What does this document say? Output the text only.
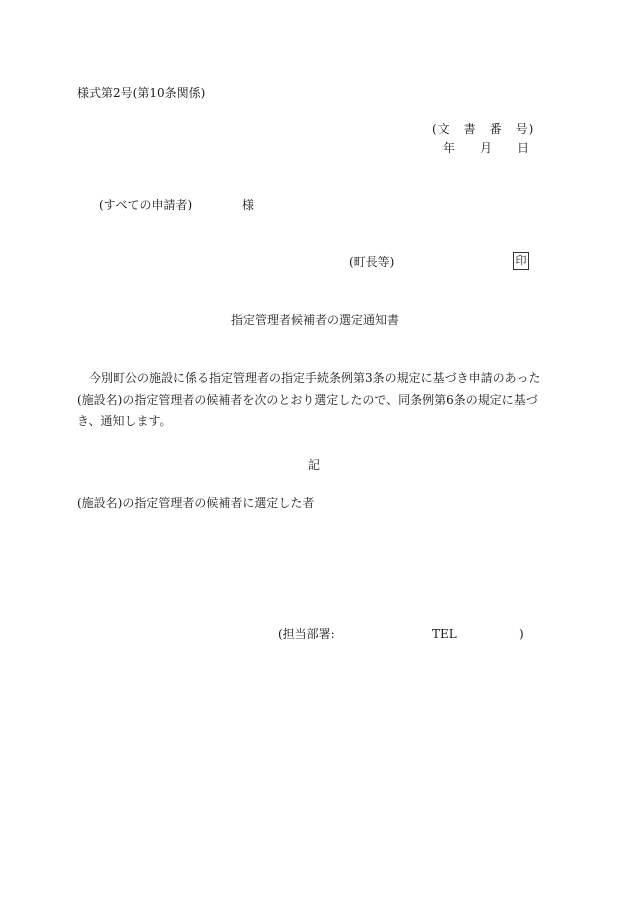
様式第2号(第10条関係)
(文　書　番　号)
年 月 日
(すべての申請者)	様
(町長等)	印
指定管理者候補者の選定通知書
今別町公の施設に係る指定管理者の指定手続条例第3条の規定に基づき申請のあった(施設名)の指定管理者の候補者を次のとおり選定したので、同条例第6条の規定に基づき、通知します。
記
(施設名)の指定管理者の候補者に選定した者
(担当部署:	TEL	)
